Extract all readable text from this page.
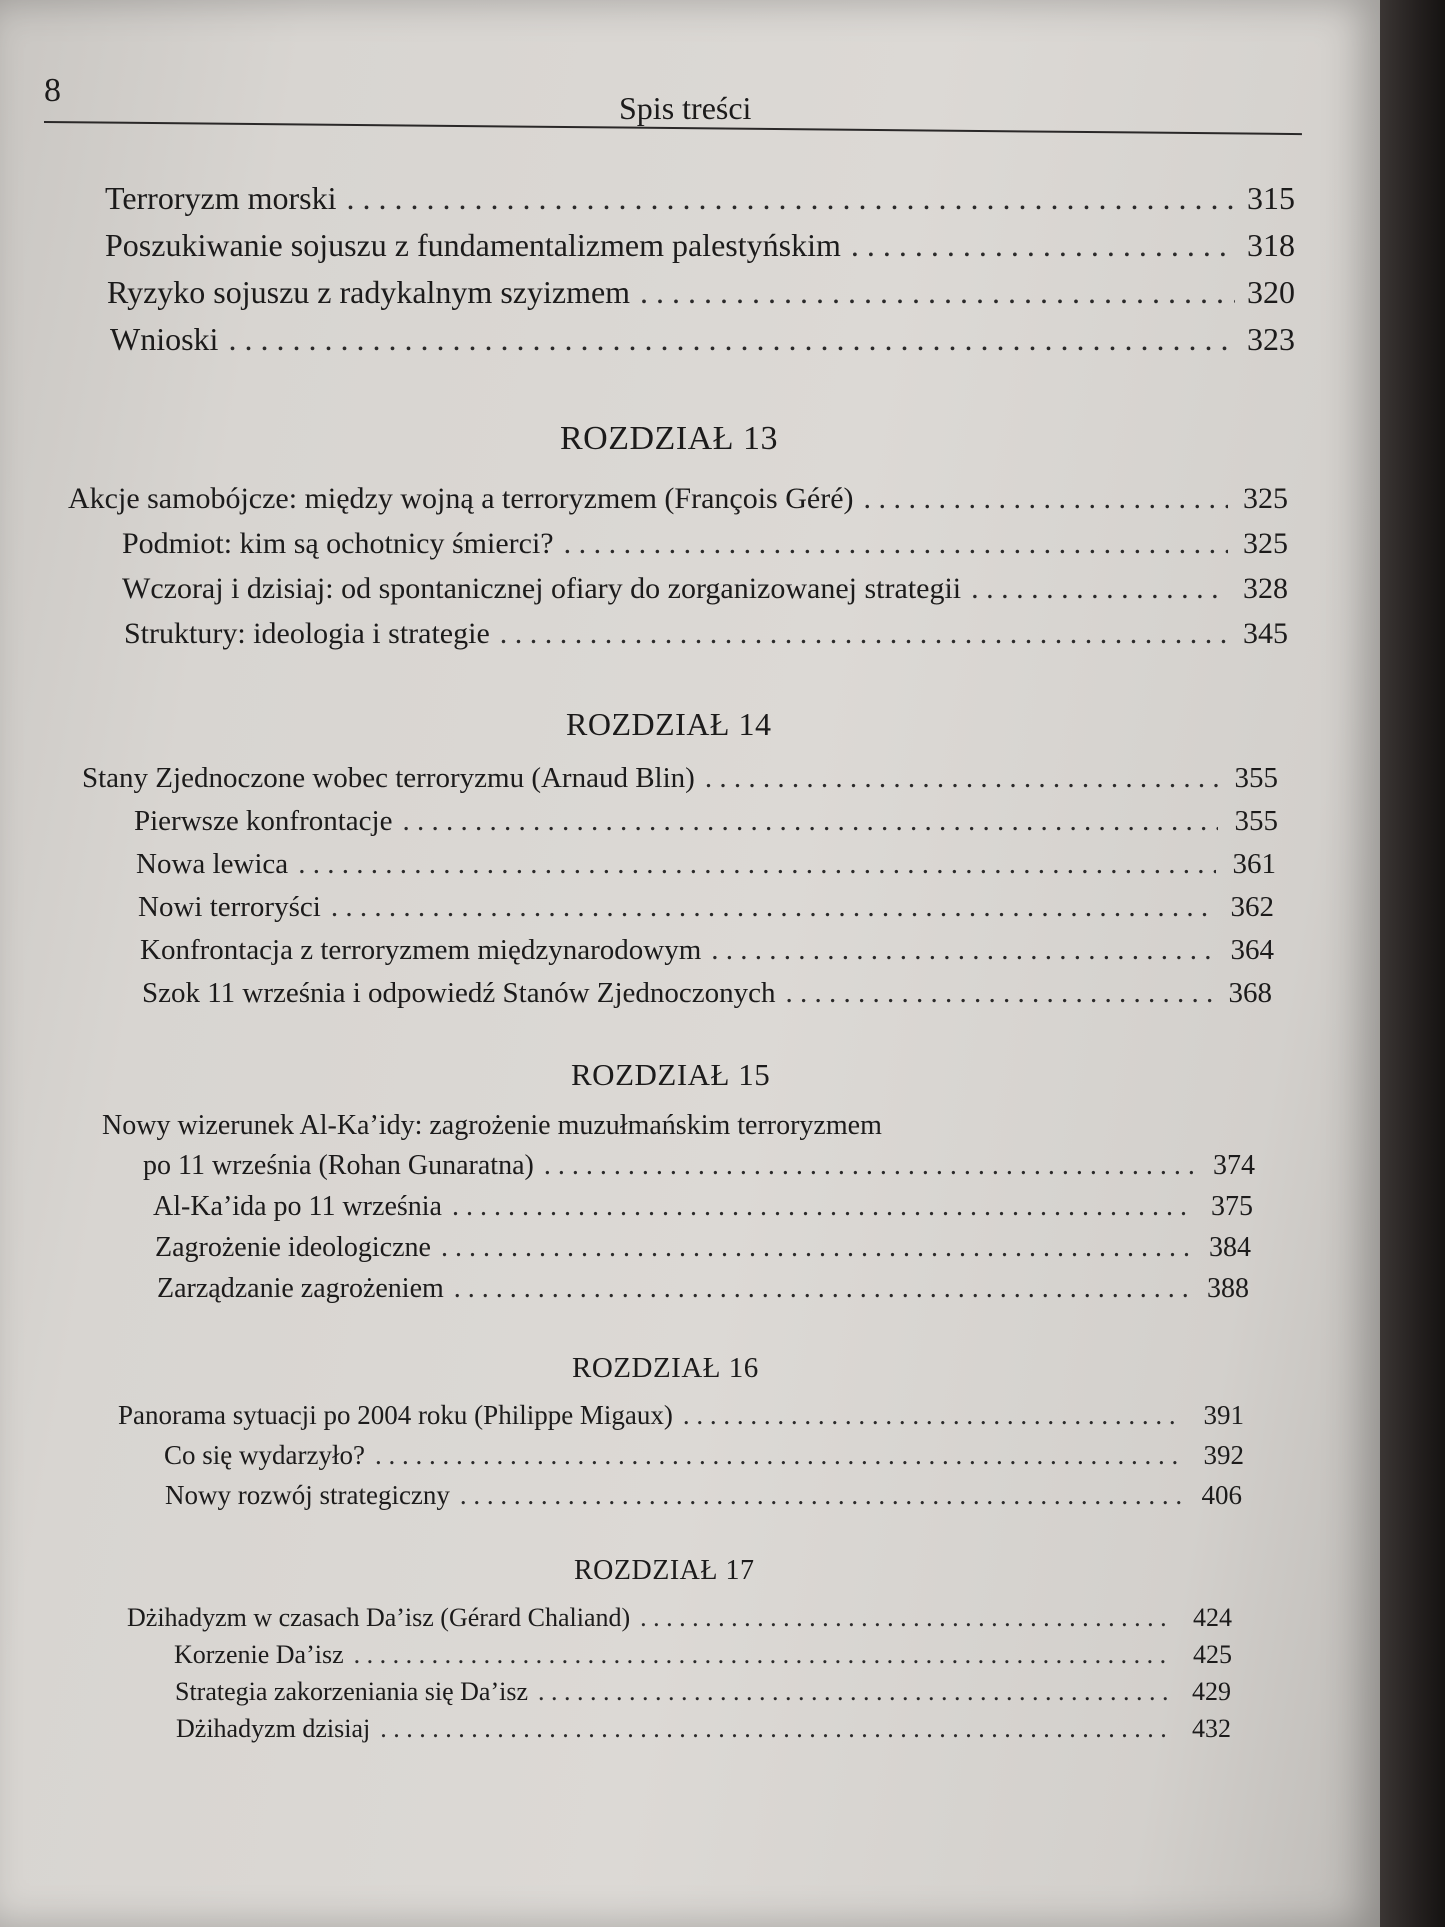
8	Spis treści
Terroryzm morski . . .	315
Poszukiwanie sojuszu z fundamentalizmem palestyńskim . . .	318
Ryzyko sojuszu z radykalnym szyizmem . . .	320
Wnioski . . .	323
ROZDZIAŁ 13
Akcje samobójcze: między wojną a terroryzmem (François Géré) . . .	325
Podmiot: kim są ochotnicy śmierci? . . .	325
Wczoraj i dzisiaj: od spontanicznej ofiary do zorganizowanej strategii . . .	328
Struktury: ideologia i strategie . . .	345
ROZDZIAŁ 14
Stany Zjednoczone wobec terroryzmu (Arnaud Blin) . . .	355
Pierwsze konfrontacje . . .	355
Nowa lewica . . .	361
Nowi terroryści . . .	362
Konfrontacja z terroryzmem międzynarodowym . . .	364
Szok 11 września i odpowiedź Stanów Zjednoczonych . . .	368
ROZDZIAŁ 15
Nowy wizerunek Al-Ka’idy: zagrożenie muzułmańskim terroryzmem
po 11 września (Rohan Gunaratna) . . .	374
Al-Ka’ida po 11 września . . .	375
Zagrożenie ideologiczne . . .	384
Zarządzanie zagrożeniem . . .	388
ROZDZIAŁ 16
Panorama sytuacji po 2004 roku (Philippe Migaux) . . .	391
Co się wydarzyło? . . .	392
Nowy rozwój strategiczny . . .	406
ROZDZIAŁ 17
Dżihadyzm w czasach Da’isz (Gérard Chaliand) . . .	424
Korzenie Da’isz . . .	425
Strategia zakorzeniania się Da’isz . . .	429
Dżihadyzm dzisiaj . . .	432
